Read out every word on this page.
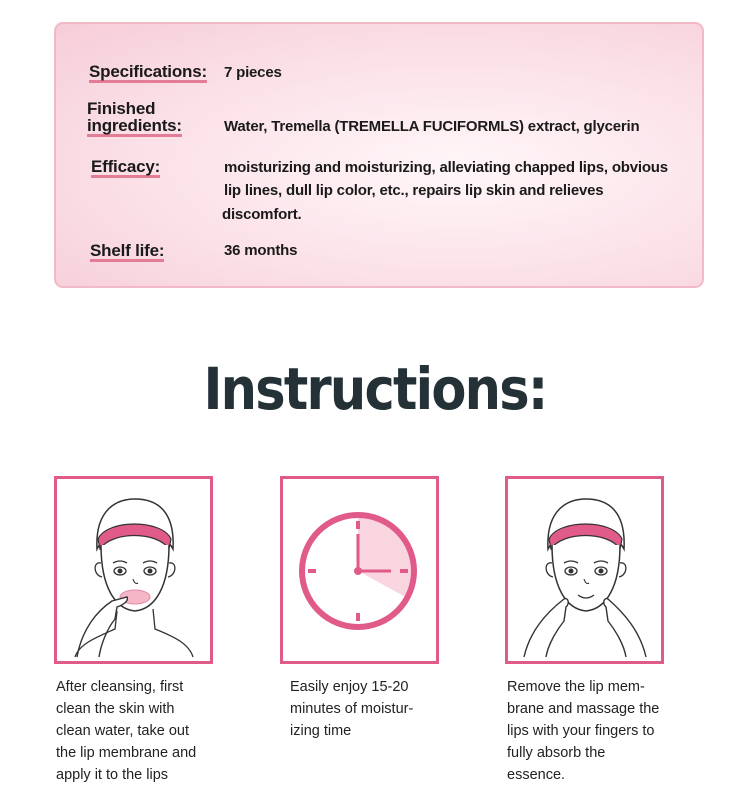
Specifications: 7 pieces
Finished
ingredients:	Water, Tremella (TREMELLA FUCIFORMLS) extract, glycerin
Efficacy:	moisturizing and moisturizing, alleviating chapped lips, obvious
lip lines, dull lip color, etc., repairs lip skin and relieves
discomfort.
Shelf life:	36 months
Instructions:
After cleansing, first
clean the skin with
clean water, take out
the lip membrane and
apply it to the lips
Easily enjoy 15-20
minutes of moistur-
izing time
Remove the lip mem-
brane and massage the
lips with your fingers to
fully absorb the
essence.
